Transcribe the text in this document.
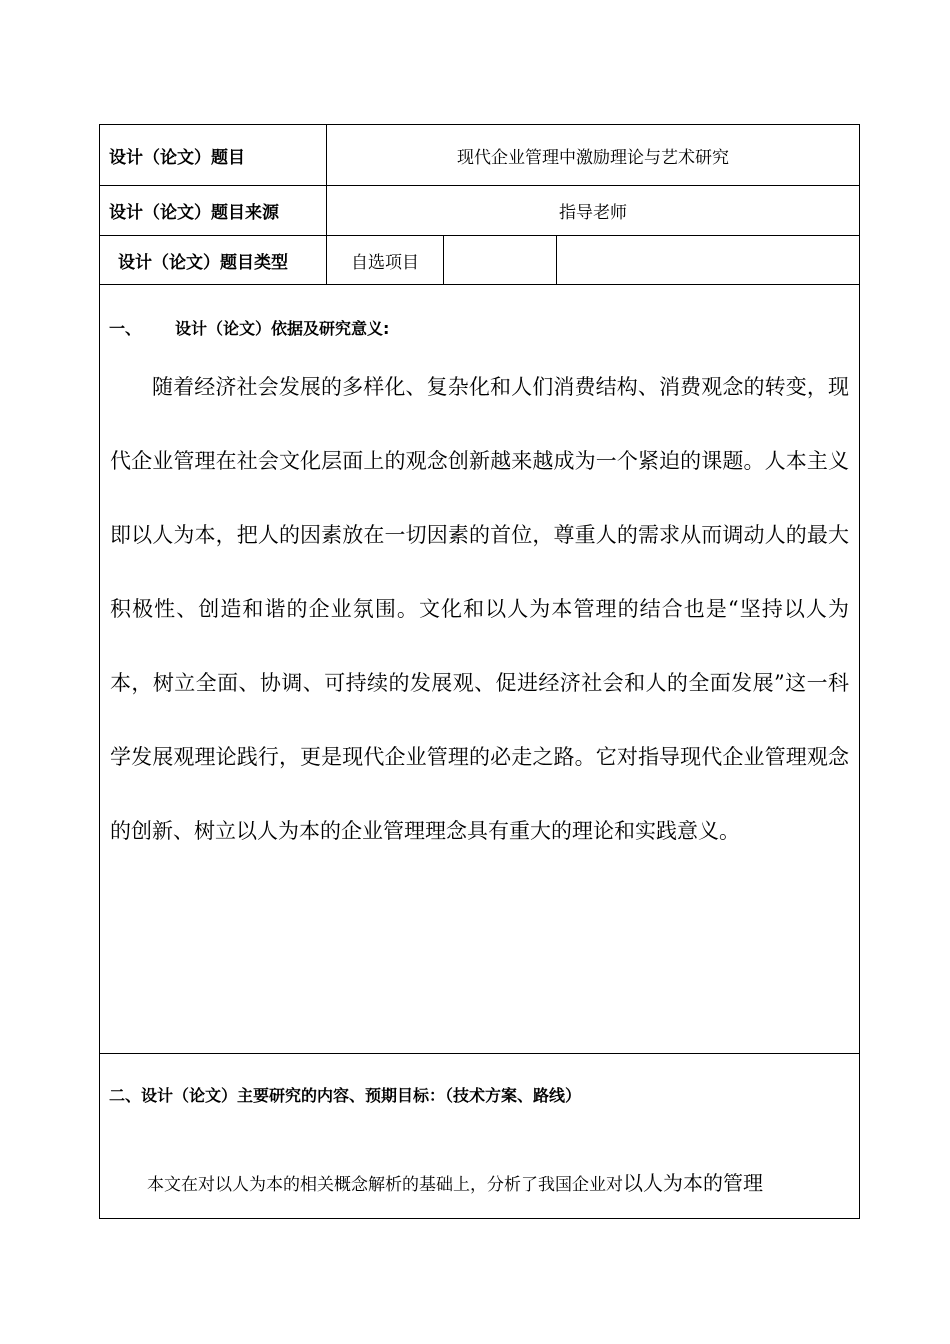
设计（论文）题目	现代企业管理中激励理论与艺术研究
设计（论文）题目来源	指导老师
设计（论文）题目类型	自选项目
一、 设计（论文）依据及研究意义:
随着经济社会发展的多样化、复杂化和人们消费结构、消费观念的转变，现代企业管理在社会文化层面上的观念创新越来越成为一个紧迫的课题。人本主义即以人为本，把人的因素放在一切因素的首位，尊重人的需求从而调动人的最大积极性、创造和谐的企业氛围。文化和以人为本管理的结合也是“坚持以人为本，树立全面、协调、可持续的发展观、促进经济社会和人的全面发展”这一科学发展观理论践行，更是现代企业管理的必走之路。它对指导现代企业管理观念的创新、树立以人为本的企业管理理念具有重大的理论和实践意义。
二、设计（论文）主要研究的内容、预期目标：（技术方案、路线）
本文在对以人为本的相关概念解析的基础上，分析了我国企业对以人为本的管理
